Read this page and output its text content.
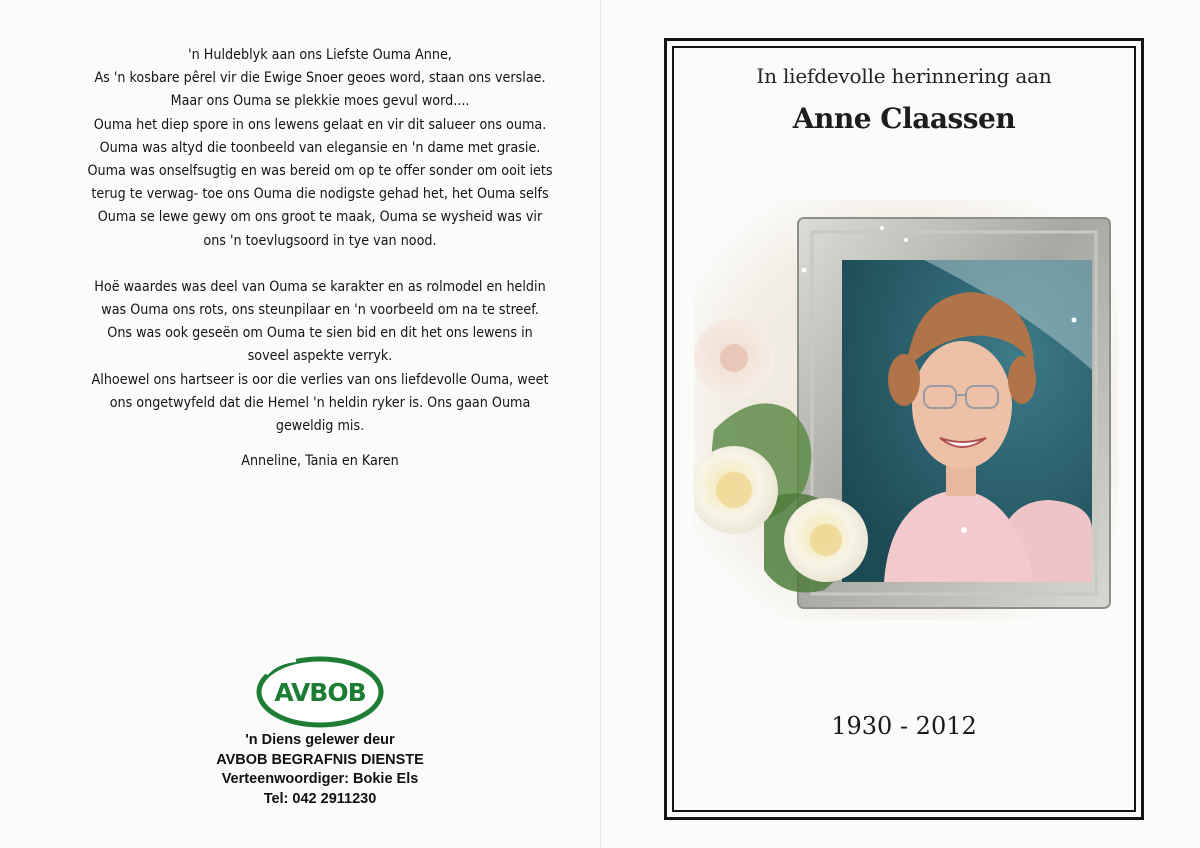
'n Huldeblyk aan ons Liefste Ouma Anne,

As 'n kosbare pêrel vir die Ewige Snoer geoes word, staan ons verslae.

Maar ons Ouma se plekkie moes gevul word....

Ouma het diep spore in ons lewens gelaat en vir dit salueer ons ouma.

Ouma was altyd die toonbeeld van elegansie en 'n dame met grasie.

Ouma was onselfsugtig en was bereid om op te offer sonder om ooit iets

terug te verwag- toe ons Ouma die nodigste gehad het, het Ouma selfs

Ouma se lewe gewy om ons groot te maak, Ouma se wysheid was vir

ons 'n toevlugsoord in tye van nood.

Hoë waardes was deel van Ouma se karakter en as rolmodel en heldin

was Ouma ons rots, ons steunpilaar en 'n voorbeeld om na te streef.

Ons was ook geseën om Ouma te sien bid en dit het ons lewens in

soveel aspekte verryk.

Alhoewel ons hartseer is oor die verlies van ons liefdevolle Ouma, weet

ons ongetwyfeld dat die Hemel 'n heldin ryker is. Ons gaan Ouma

geweldig mis.

Anneline, Tania en Karen

AVBOB

'n Diens gelewer deur

AVBOB BEGRAFNIS DIENSTE

Verteenwoordiger: Bokie Els

Tel: 042 2911230

In liefdevolle herinnering aan
Anne Claassen
1930 - 2012
